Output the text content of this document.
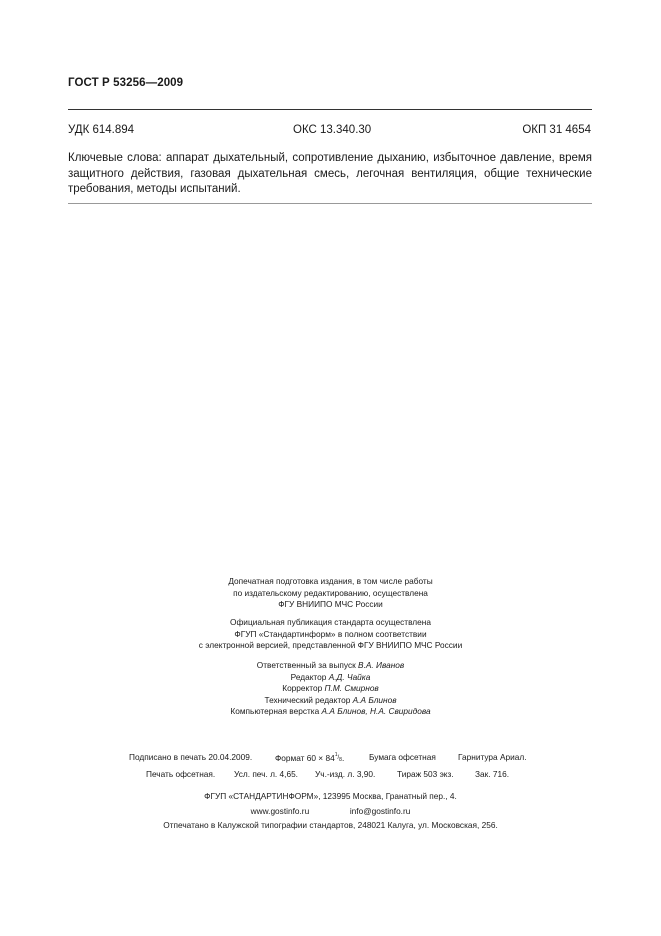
ГОСТ Р 53256—2009
УДК 614.894	ОКС 13.340.30	ОКП 31 4654
Ключевые слова: аппарат дыхательный, сопротивление дыханию, избыточное давление, время защитного действия, газовая дыхательная смесь, легочная вентиляция, общие технические требования, методы испытаний.
Допечатная подготовка издания, в том числе работы
по издательскому редактированию, осуществлена
ФГУ ВНИИПО МЧС России
Официальная публикация стандарта осуществлена
ФГУП «Стандартинформ» в полном соответствии
с электронной версией, представленной ФГУ ВНИИПО МЧС России
Ответственный за выпуск В.А. Иванов
Редактор А.Д. Чайка
Корректор П.М. Смирнов
Технический редактор А.А Блинов
Компьютерная верстка А.А Блинов, Н.А. Свиридова
Подписано в печать 20.04.2009.	Формат $60 \times 84^{^1/_8}$.	Бумага офсетная	Гарнитура Ариал.
Печать офсетная. Усл. печ. л. 4,65. Уч.-изд. л. 3,90.	Тираж 503 экз.	Зак. 716.
ФГУП «СТАНДАРТИНФОРМ», 123995 Москва, Гранатный пер., 4.
www.gostinfo.ru	info@gostinfo.ru
Отпечатано в Калужской типографии стандартов, 248021 Калуга, ул. Московская, 256.
